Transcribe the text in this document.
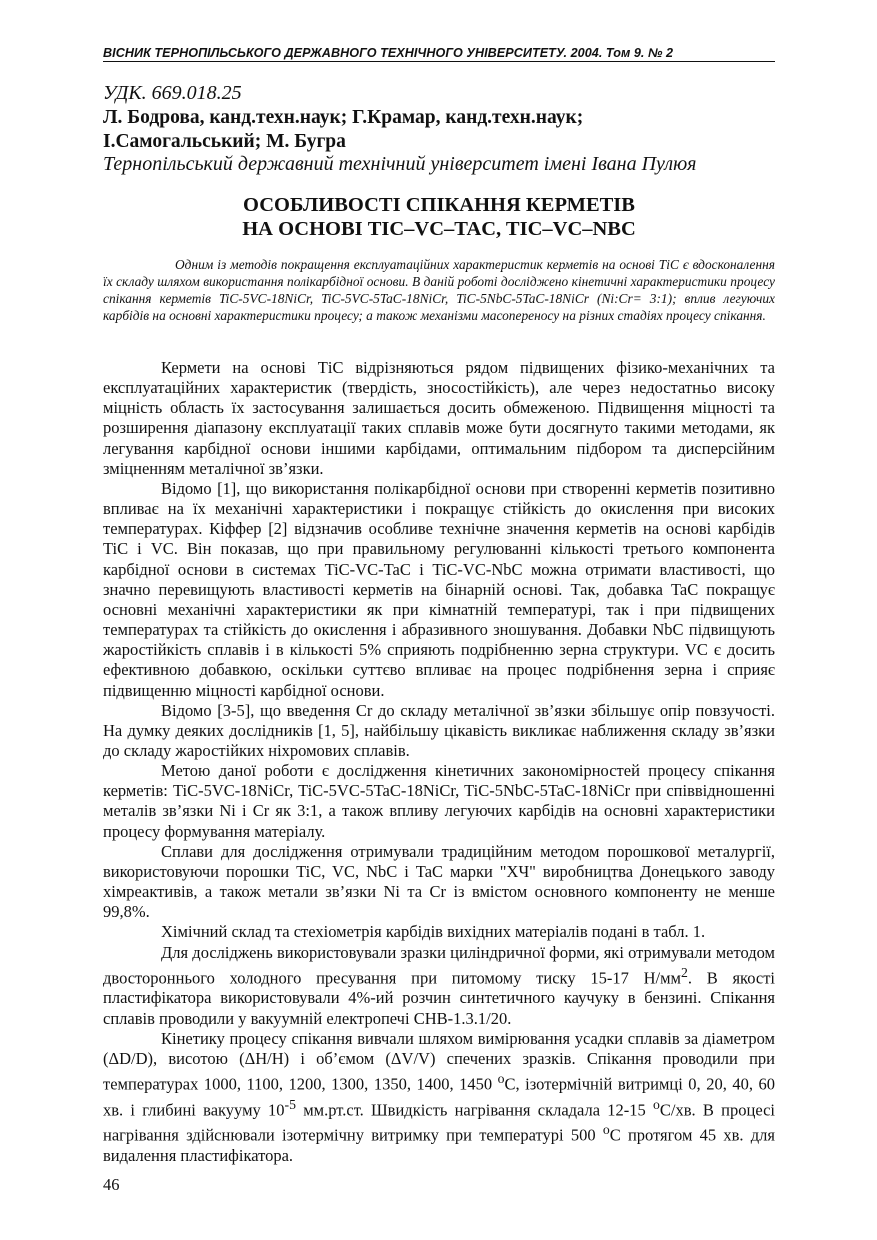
ВІСНИК ТЕРНОПІЛЬСЬКОГО ДЕРЖАВНОГО ТЕХНІЧНОГО УНІВЕРСИТЕТУ. 2004. Том 9. № 2
УДК. 669.018.25
Л. Бодрова, канд.техн.наук; Г.Крамар, канд.техн.наук;
І.Самогальський; М. Бугра
Тернопільський державний технічний університет імені Івана Пулюя
ОСОБЛИВОСТІ СПІКАННЯ КЕРМЕТІВ
НА ОСНОВІ TIC–VC–TAC, TIC–VC–NBC

Одним із методів покращення експлуатаційних характеристик керметів на основі ТіС є вдосконалення їх складу шляхом використання полікарбідної основи. В даній роботі досліджено кінетичні характеристики процесу спікання керметів TiC-5VC-18NiCr, TiC-5VC-5TaC-18NiCr, TiC-5NbC-5TaC-18NiCr (Ni:Cr= 3:1); вплив легуючих карбідів на основні характеристики процесу; а також механізми масопереносу на різних стадіях процесу спікання.

Кермети на основі ТіС відрізняються рядом підвищених фізико-механічних та експлуатаційних характеристик (твердість, зносостійкість), але через недостатньо високу міцність область їх застосування залишається досить обмеженою. Підвищення міцності та розширення діапазону експлуатації таких сплавів може бути досягнуто такими методами, як легування карбідної основи іншими карбідами, оптимальним підбором та дисперсійним зміцненням металічної зв’язки.

Відомо [1], що використання полікарбідної основи при створенні керметів позитивно впливає на їх механічні характеристики і покращує стійкість до окислення при високих температурах. Кіффер [2] відзначив особливе технічне значення керметів на основі карбідів TiC і VC. Він показав, що при правильному регулюванні кількості третього компонента карбідної основи в системах TiC-VC-TaC і TiC-VC-NbC можна отримати властивості, що значно перевищують властивості керметів на бінарній основі. Так, добавка TaC покращує основні механічні характеристики як при кімнатній температурі, так і при підвищених температурах та стійкість до окислення і абразивного зношування. Добавки NbC підвищують жаростійкість сплавів і в кількості 5% сприяють подрібненню зерна структури. VC є досить ефективною добавкою, оскільки суттєво впливає на процес подрібнення зерна і сприяє підвищенню міцності карбідної основи.

Відомо [3-5], що введення Cr до складу металічної зв’язки збільшує опір повзучості. На думку деяких дослідників [1, 5], найбільшу цікавість викликає наближення складу зв’язки до складу жаростійких ніхромових сплавів.

Метою даної роботи є дослідження кінетичних закономірностей процесу спікання керметів: TiC-5VC-18NiCr, TiC-5VC-5TaC-18NiCr, TiC-5NbC-5TaC-18NiCr при співвідношенні металів зв’язки Ni і Cr як 3:1, а також впливу легуючих карбідів на основні характеристики процесу формування матеріалу.

Сплави для дослідження отримували традиційним методом порошкової металургії, використовуючи порошки TiC, VC, NbC і TaC марки "ХЧ" виробництва Донецького заводу хімреактивів, а також метали зв’язки Ni та Cr із вмістом основного компоненту не менше 99,8%.

Хімічний склад та стехіометрія карбідів вихідних матеріалів подані в табл. 1.

Для досліджень використовували зразки циліндричної форми, які отримували методом двостороннього холодного пресування при питомому тиску 15-17 $Н/мм^2$. В якості пластифікатора використовували 4%-ий розчин синтетичного каучуку в бензині. Спікання сплавів проводили у вакуумній електропечі СНВ-1.3.1/20.

Кінетику процесу спікання вивчали шляхом вимірювання усадки сплавів за діаметром (ΔD/D), висотою (ΔH/H) і об’ємом (ΔV/V) спечених зразків. Спікання проводили при температурах 1000, 1100, 1200, 1300, 1350, 1400, 1450 $^о$С, ізотермічній витримці 0, 20, 40, 60 хв. і глибині вакууму $10^{-5}$ мм.рт.ст. Швидкість нагрівання складала 12-15 $^о$С/хв. В процесі нагрівання здійснювали ізотермічну витримку при температурі 500 $^о$С протягом 45 хв. для видалення пластифікатора.

46
